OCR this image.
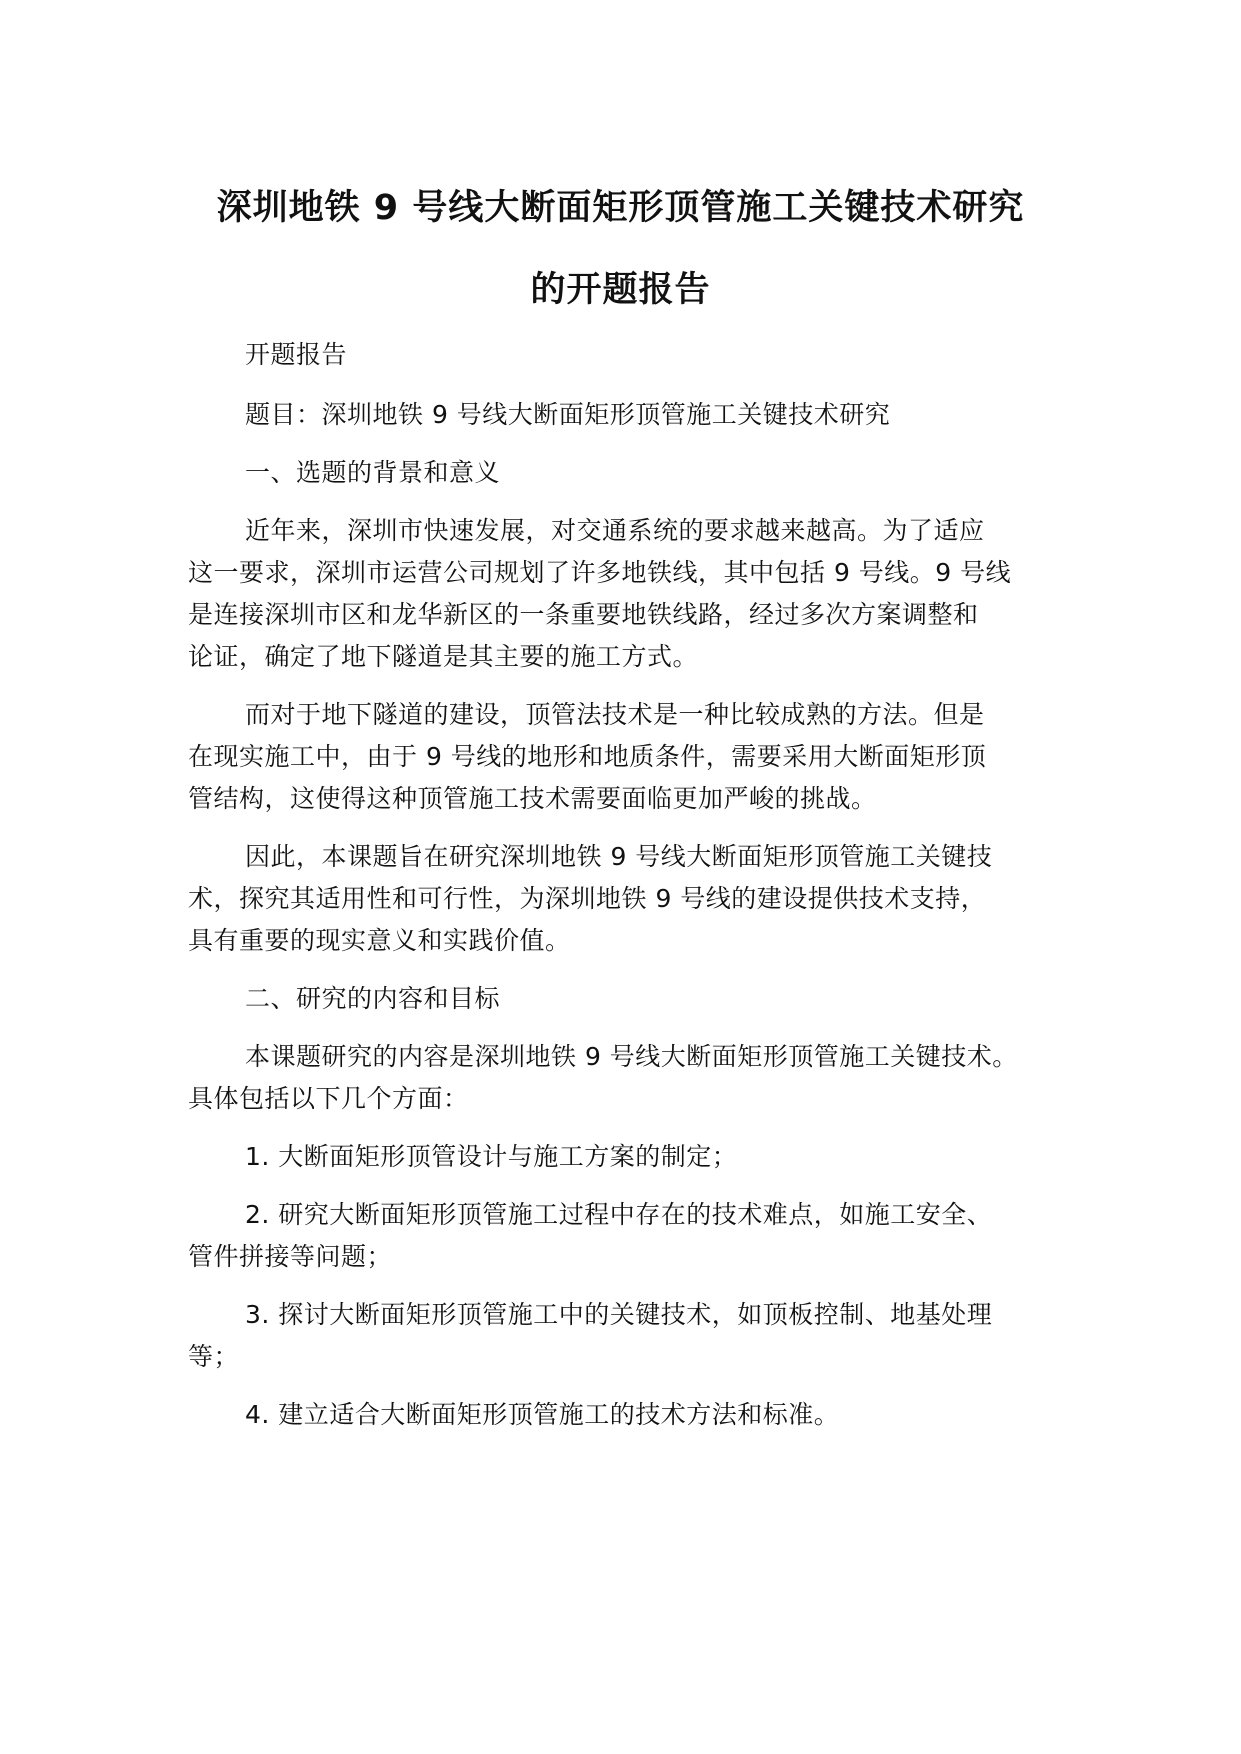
深圳地铁 9 号线大断面矩形顶管施工关键技术研究
的开题报告
开题报告
题目：深圳地铁 9 号线大断面矩形顶管施工关键技术研究
一、选题的背景和意义
近年来，深圳市快速发展，对交通系统的要求越来越高。为了适应
这一要求，深圳市运营公司规划了许多地铁线，其中包括 9 号线。9 号线
是连接深圳市区和龙华新区的一条重要地铁线路，经过多次方案调整和
论证，确定了地下隧道是其主要的施工方式。
而对于地下隧道的建设，顶管法技术是一种比较成熟的方法。但是
在现实施工中，由于 9 号线的地形和地质条件，需要采用大断面矩形顶
管结构，这使得这种顶管施工技术需要面临更加严峻的挑战。
因此，本课题旨在研究深圳地铁 9 号线大断面矩形顶管施工关键技
术，探究其适用性和可行性，为深圳地铁 9 号线的建设提供技术支持，
具有重要的现实意义和实践价值。
二、研究的内容和目标
本课题研究的内容是深圳地铁 9 号线大断面矩形顶管施工关键技术。
具体包括以下几个方面：
1. 大断面矩形顶管设计与施工方案的制定；
2. 研究大断面矩形顶管施工过程中存在的技术难点，如施工安全、
管件拼接等问题；
3. 探讨大断面矩形顶管施工中的关键技术，如顶板控制、地基处理
等；
4. 建立适合大断面矩形顶管施工的技术方法和标准。
